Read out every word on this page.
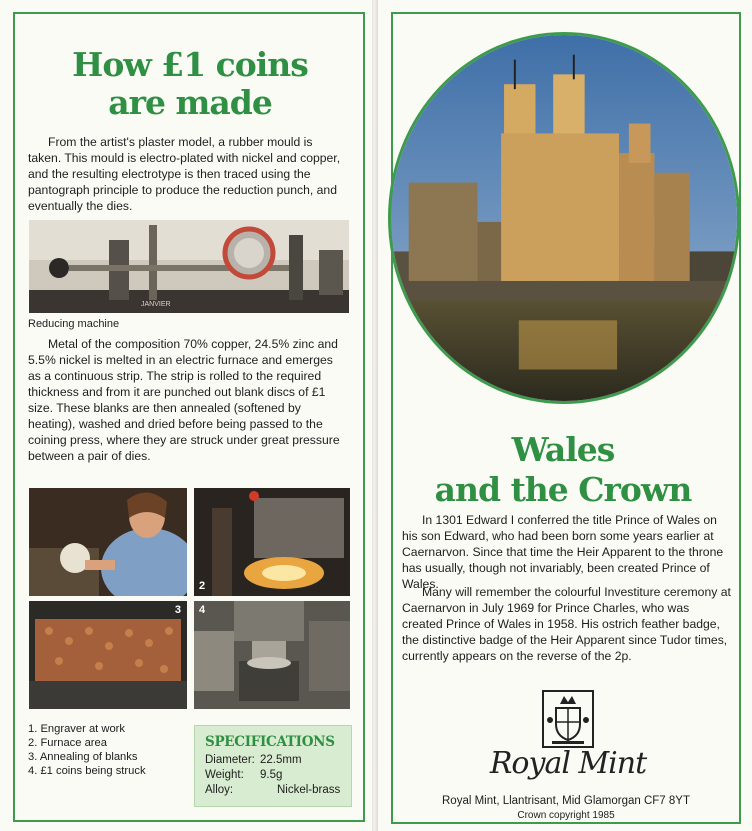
How £1 coins
are made
From the artist's plaster model, a rubber mould is taken. This mould is electro-plated with nickel and copper, and the resulting electrotype is then traced using the pantograph principle to produce the reduction punch, and eventually the dies.
JANVIER
Reducing machine
Metal of the composition 70% copper, 24.5% zinc and 5.5% nickel is melted in an electric furnace and emerges as a continuous strip. The strip is rolled to the required thickness and from it are punched out blank discs of £1 size. These blanks are then annealed (softened by heating), washed and dried before being passed to the coining press, where they are struck under great pressure between a pair of dies.
2
3 4
1. Engraver at work
2. Furnace area
3. Annealing of blanks
4. £1 coins being struck
SPECIFICATIONS
Diameter: 22.5mm
Weight:	9.5g
Alloy:	Nickel-brass
Wales
and the Crown
In 1301 Edward I conferred the title Prince of Wales on his son Edward, who had been born some years earlier at Caernarvon. Since that time the Heir Apparent to the throne has usually, though not invariably, been created Prince of Wales.
Many will remember the colourful Investiture ceremony at Caernarvon in July 1969 for Prince Charles, who was created Prince of Wales in 1958. His ostrich feather badge, the distinctive badge of the Heir Apparent since Tudor times, currently appears on the reverse of the 2p.
Royal Mint
Royal Mint, Llantrisant, Mid Glamorgan CF7 8YT
Crown copyright 1985
